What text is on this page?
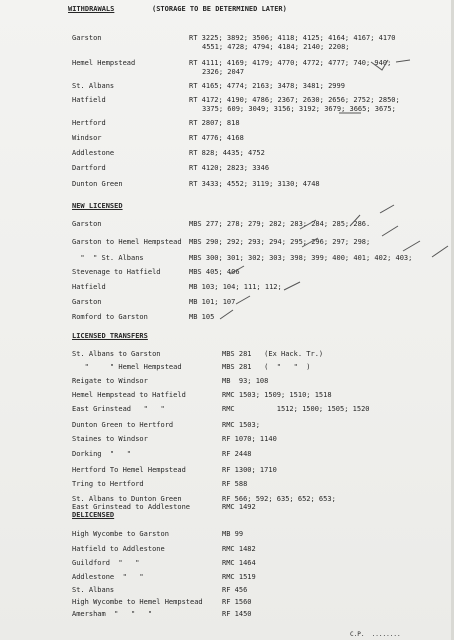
WITHDRAWALS	(STORAGE TO BE DETERMINED LATER)
Garston	RT 3225; 3892; 3506; 4118; 4125; 4164; 4167; 4170
4551; 4728; 4794; 4184; 2140; 2208;
Hemel Hempstead	RT 4111; 4169; 4179; 4770; 4772; 4777; 740; 940;
2326; 2047
St. Albans	RT 4165; 4774; 2163; 3478; 3481; 2999
Hatfield	RT 4172; 4190; 4786; 2367; 2630; 2656; 2752; 2850;
3375; 609; 3049; 3156; 3192; 3679; 3665; 3675;
Hertford	RT 2807; 818
Windsor	RT 4776; 4168
Addlestone	RT 828; 4435; 4752
Dartford	RT 4120; 2823; 3346
Dunton Green	RT 3433; 4552; 3119; 3130; 4748
NEW LICENSED
Garston	MBS 277; 278; 279; 282; 283; 284; 285; 286.
Garston to Hemel Hempstead MBS 290; 292; 293; 294; 295; 296; 297; 298;
"  " St. Albans	MBS 300; 301; 302; 303; 398; 399; 400; 401; 402; 403;
Stevenage to Hatfield	MBS 405; 406
Hatfield	MB 103; 104; 111; 112;
Garston	MB 101; 107
Romford to Garston	MB 105
LICENSED TRANSFERS
St. Albans to Garston	MBS 281   (Ex Hack. Tr.)
"     " Hemel Hempstead	MBS 281   (  "   "  )
Reigate to Windsor	MB  93; 108
Hemel Hempstead to Hatfield	RMC 1503; 1509; 1510; 1518
East Grinstead   "   "	RMC          1512; 1500; 1505; 1520
Dunton Green to Hertford	RMC 1503;
Staines to Windsor	RF 1070; 1140
Dorking  "   "	RF 2448
Hertford To Hemel Hempstead	RF 1300; 1710
Tring to Hertford	RF 588
St. Albans to Dunton Green	RF 566; 592; 635; 652; 653;
East Grinstead to Addlestone	RMC 1492
DELICENSED
High Wycombe to Garston	MB 99
Hatfield to Addlestone	RMC 1482
Guildford  "   "	RMC 1464
Addlestone  "   "	RMC 1519
St. Albans	RF 456
High Wycombe to Hemel Hempstead	RF 1560
Amersham  "   "   "	RF 1450
C.P.  ........
